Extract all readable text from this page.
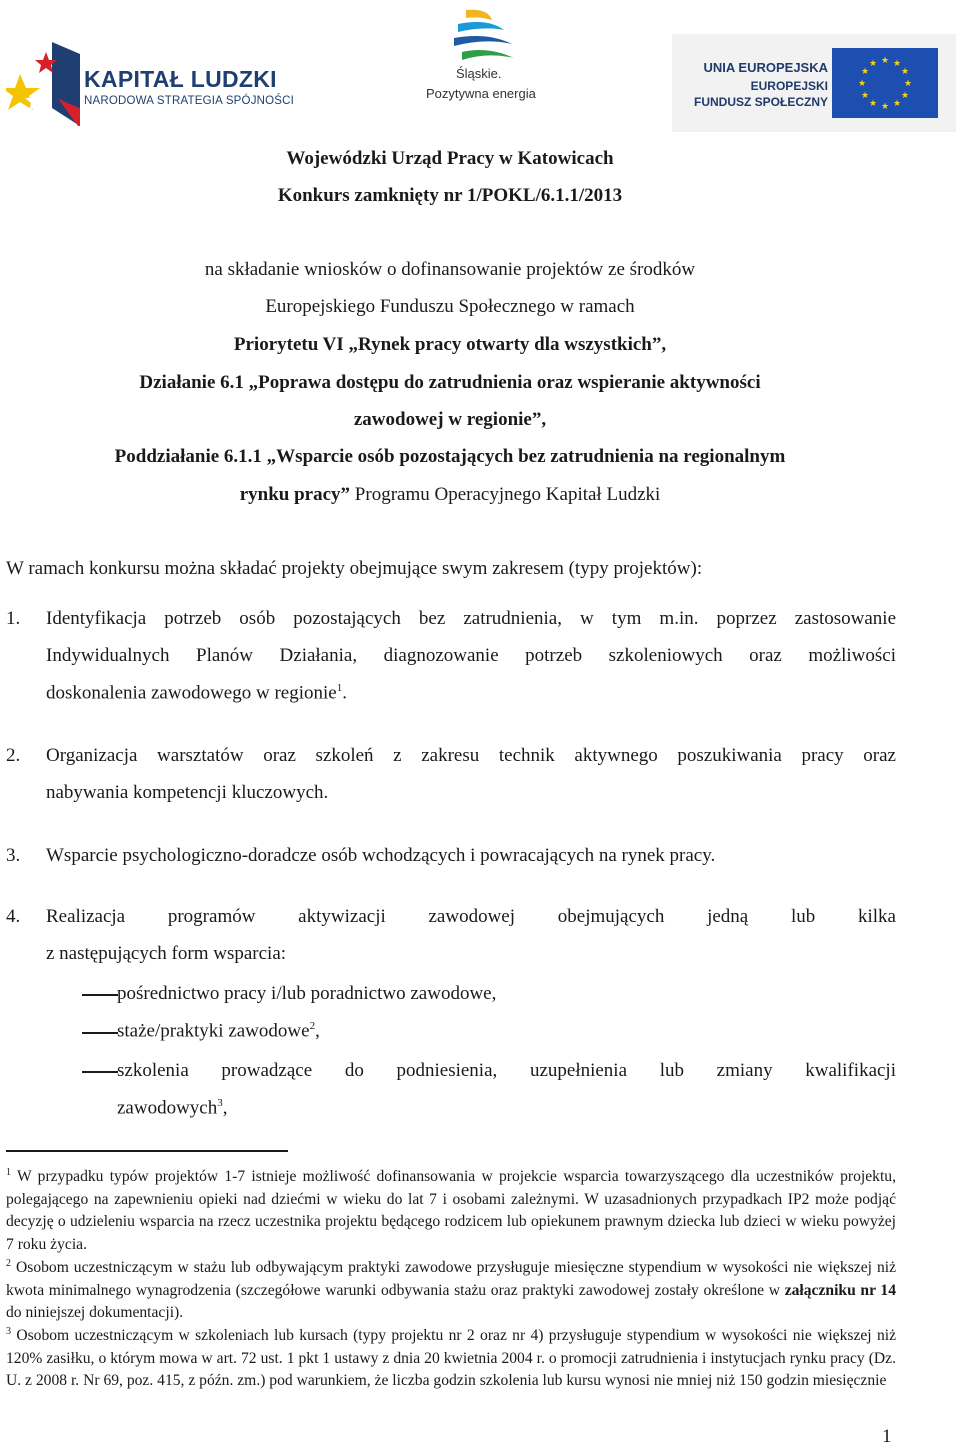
KAPITAŁ LUDZKI
NARODOWA STRATEGIA SPÓJNOŚCI
Śląskie.
Pozytywna energia
UNIA EUROPEJSKA
EUROPEJSKI
FUNDUSZ SPOŁECZNY
★ ★
★
★
★
★
★
★
★
★
★
★
Wojewódzki Urząd Pracy w Katowicach
Konkurs zamknięty nr 1/POKL/6.1.1/2013
na składanie wniosków o dofinansowanie projektów ze środków
Europejskiego Funduszu Społecznego w ramach
Priorytetu VI „Rynek pracy otwarty dla wszystkich”,
Działanie 6.1 „Poprawa dostępu do zatrudnienia oraz wspieranie aktywności
zawodowej w regionie”,
Poddziałanie 6.1.1 „Wsparcie osób pozostających bez zatrudnienia na regionalnym
rynku pracy” Programu Operacyjnego Kapitał Ludzki
W ramach konkursu można składać projekty obejmujące swym zakresem (typy projektów):
1. Identyfikacja potrzeb osób pozostających bez zatrudnienia, w tym m.in. poprzez zastosowanie
Indywidualnych Planów Działania, diagnozowanie potrzeb szkoleniowych oraz możliwości
doskonalenia zawodowego w regionie$^1$.
2. Organizacja warsztatów oraz szkoleń z zakresu technik aktywnego poszukiwania pracy oraz
nabywania kompetencji kluczowych.
3. Wsparcie psychologiczno-doradcze osób wchodzących i powracających na rynek pracy.
4. Realizacja programów aktywizacji zawodowej obejmujących jedną lub kilka
z następujących form wsparcia:
pośrednictwo pracy i/lub poradnictwo zawodowe,
staże/praktyki zawodowe$^2$,
szkolenia prowadzące do podniesienia, uzupełnienia lub zmiany kwalifikacji
zawodowych$^3$,
$^1$ W przypadku typów projektów 1-7 istnieje możliwość dofinansowania w projekcie wsparcia towarzyszącego dla uczestników projektu, polegającego na zapewnieniu opieki nad dziećmi w wieku do lat 7 i osobami zależnymi. W uzasadnionych przypadkach IP2 może podjąć decyzję o udzieleniu wsparcia na rzecz uczestnika projektu będącego rodzicem lub opiekunem prawnym dziecka lub dzieci w wieku powyżej 7 roku życia.
$^2$ Osobom uczestniczącym w stażu lub odbywającym praktyki zawodowe przysługuje miesięczne stypendium w wysokości nie większej niż kwota minimalnego wynagrodzenia (szczegółowe warunki odbywania stażu oraz praktyki zawodowej zostały określone w załączniku nr 14 do niniejszej dokumentacji).
$^3$ Osobom uczestniczącym w szkoleniach lub kursach (typy projektu nr 2 oraz nr 4) przysługuje stypendium w wysokości nie większej niż 120% zasiłku, o którym mowa w art. 72 ust. 1 pkt 1 ustawy z dnia 20 kwietnia 2004 r. o promocji zatrudnienia i instytucjach rynku pracy (Dz. U. z 2008 r. Nr 69, poz. 415, z późn. zm.) pod warunkiem, że liczba godzin szkolenia lub kursu wynosi nie mniej niż 150 godzin miesięcznie
1
